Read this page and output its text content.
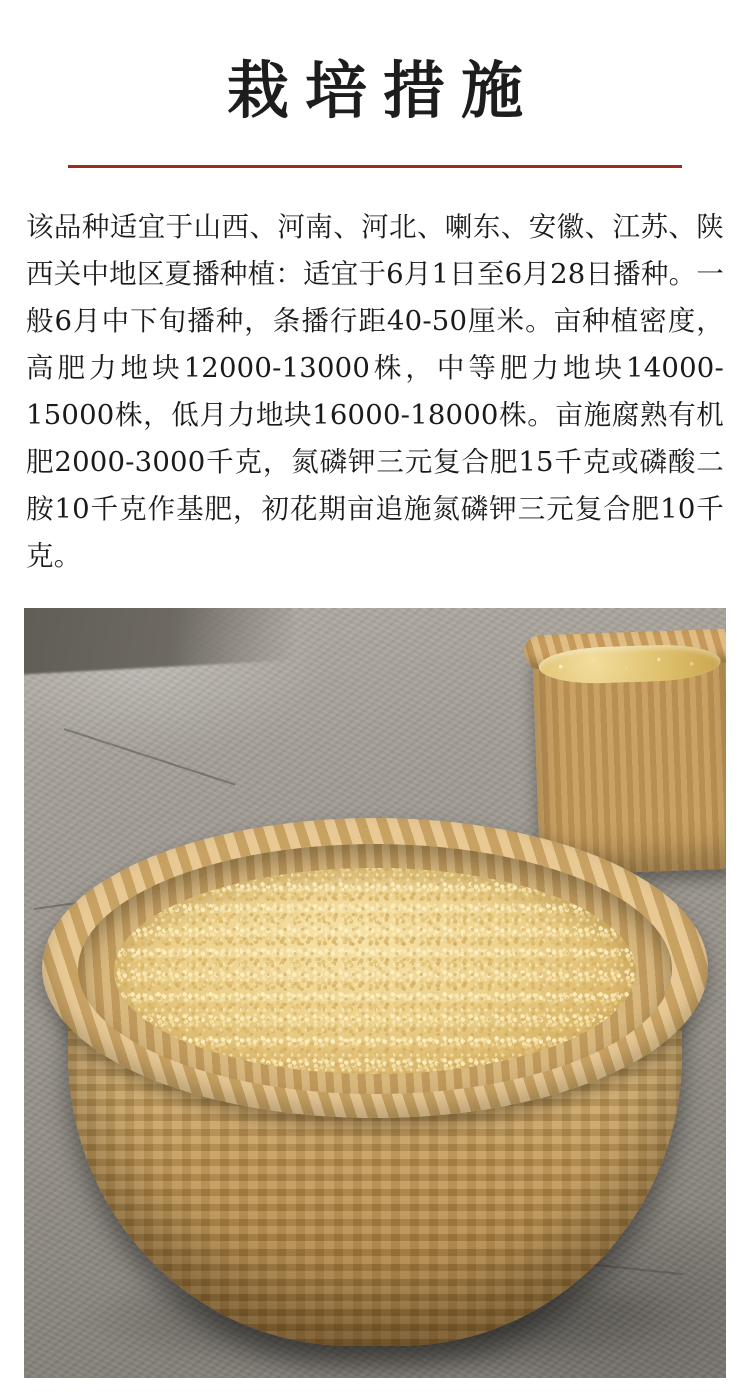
栽培措施

该品种适宜于山西、河南、河北、喇东、安徽、江苏、陕西关中地区夏播种植：适宜于6月1日至6月28日播种。一般6月中下旬播种，条播行距40-50厘米。亩种植密度，高肥力地块12000-13000株，中等肥力地块14000-15000株，低月力地块16000-18000株。亩施腐熟有机肥2000-3000千克，氮磷钾三元复合肥15千克或磷酸二胺10千克作基肥，初花期亩追施氮磷钾三元复合肥10千克。
